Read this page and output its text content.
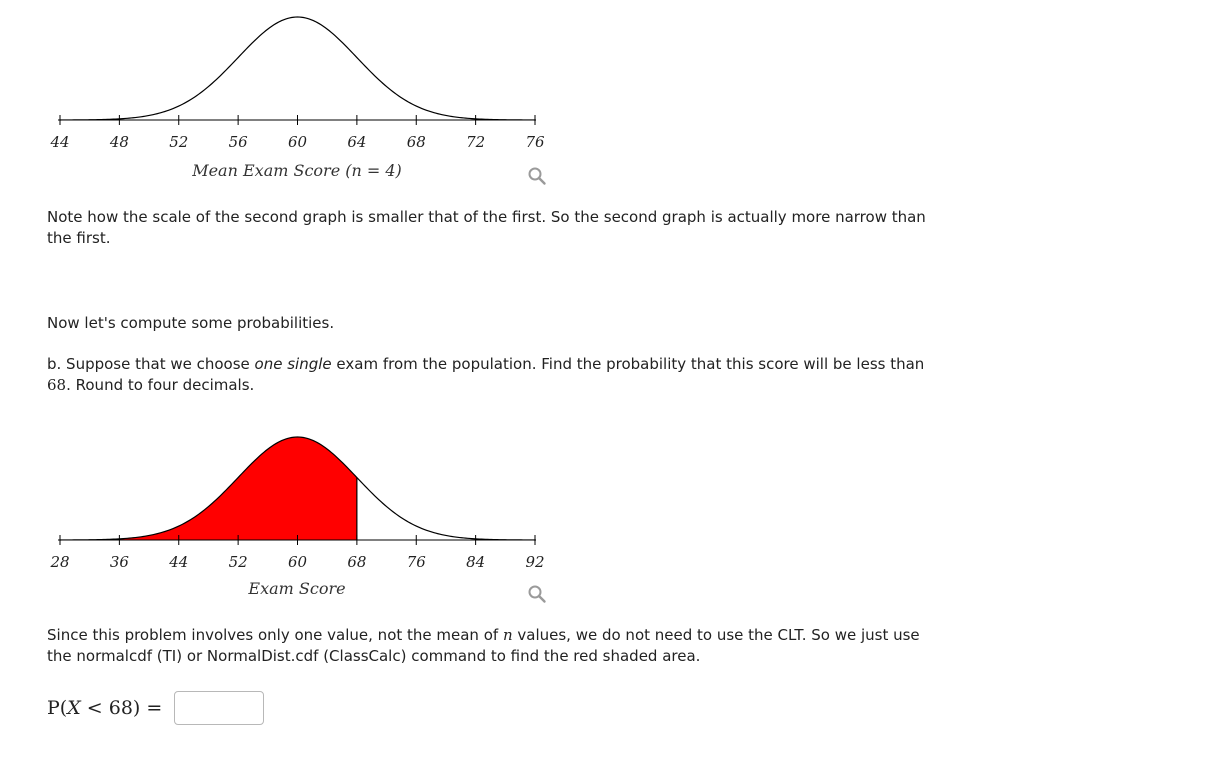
44	48	52	56	60	64	68	72	76
Mean Exam Score (n = 4)

Note how the scale of the second graph is smaller that of the first. So the second graph is actually more narrow than the first.

Now let's compute some probabilities.

b. Suppose that we choose one single exam from the population. Find the probability that this score will be less than 68. Round to four decimals.

28	36	44	52	60	68	76	84	92
Exam Score

Since this problem involves only one value, not the mean of n values, we do not need to use the CLT. So we just use the normalcdf (TI) or NormalDist.cdf (ClassCalc) command to find the red shaded area.

P(X < 68) =
